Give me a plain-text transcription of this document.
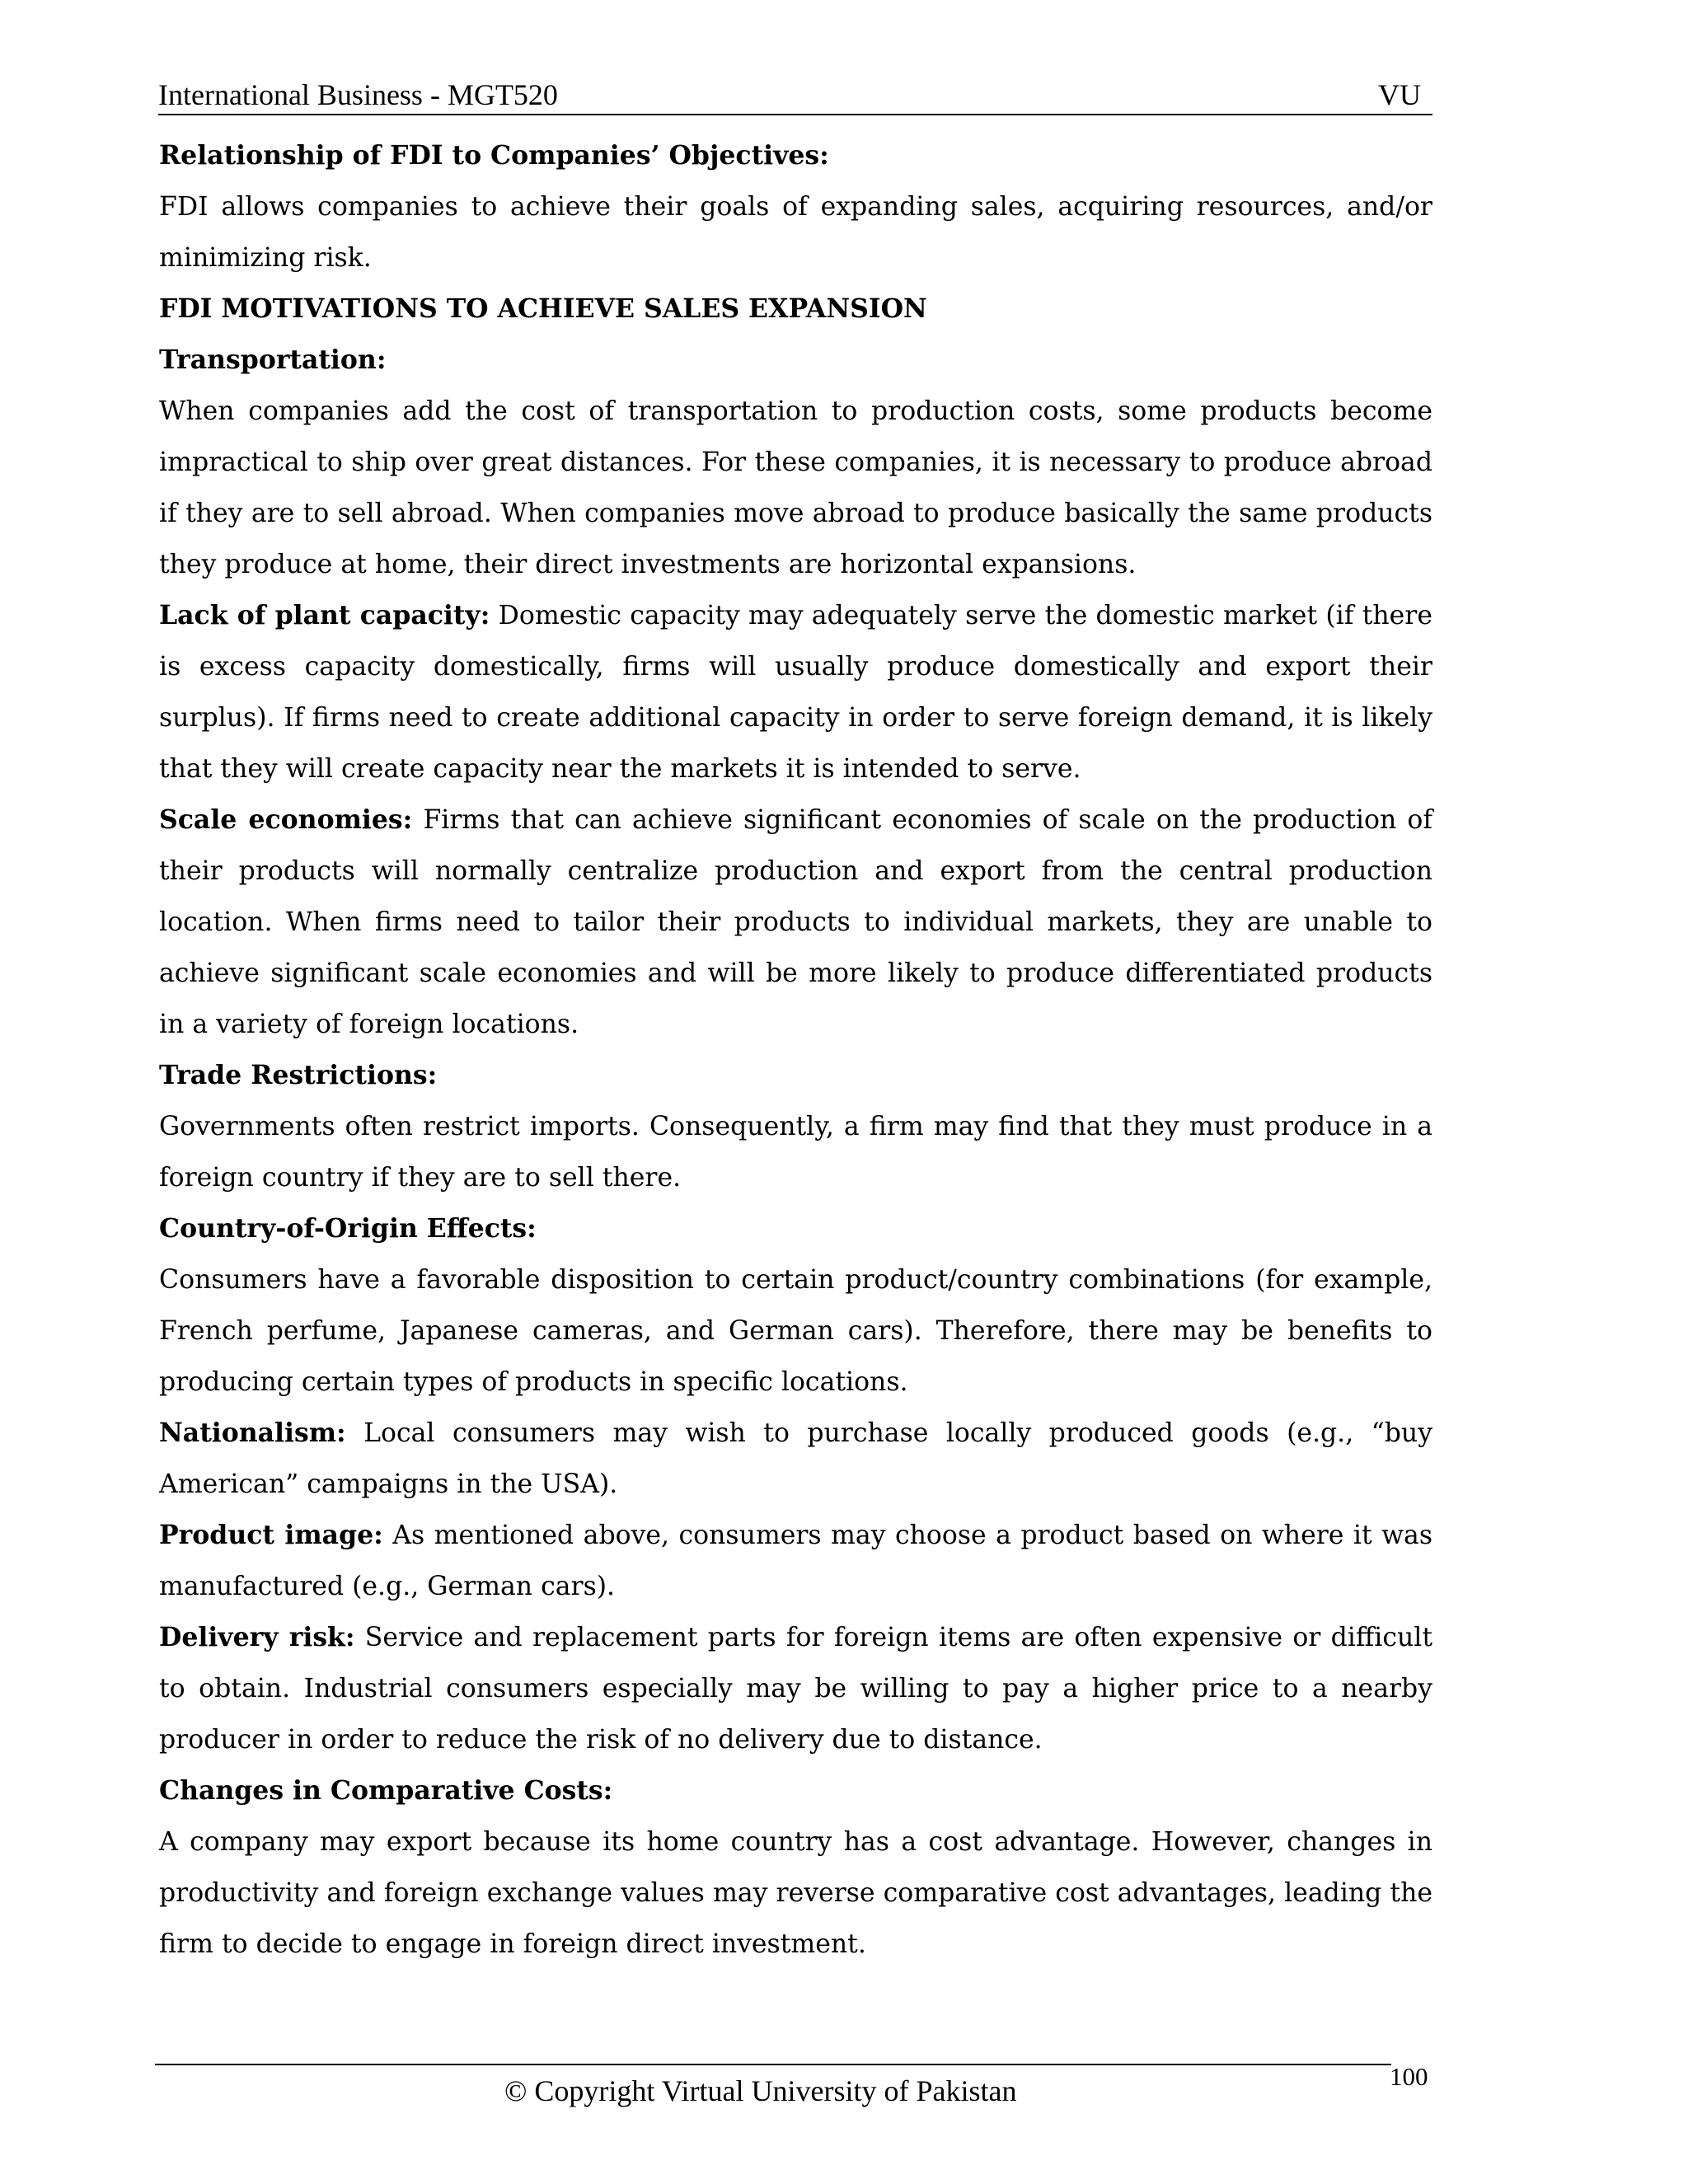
International Business - MGT520	VU

Relationship of FDI to Companies’ Objectives:

FDI allows companies to achieve their goals of expanding sales, acquiring resources, and/or minimizing risk.

FDI MOTIVATIONS TO ACHIEVE SALES EXPANSION

Transportation:

When companies add the cost of transportation to production costs, some products become impractical to ship over great distances. For these companies, it is necessary to produce abroad if they are to sell abroad. When companies move abroad to produce basically the same products they produce at home, their direct investments are horizontal expansions.

Lack of plant capacity: Domestic capacity may adequately serve the domestic market (if there is excess capacity domestically, firms will usually produce domestically and export their surplus). If firms need to create additional capacity in order to serve foreign demand, it is likely that they will create capacity near the markets it is intended to serve.

Scale economies: Firms that can achieve significant economies of scale on the production of their products will normally centralize production and export from the central production location. When firms need to tailor their products to individual markets, they are unable to achieve significant scale economies and will be more likely to produce differentiated products in a variety of foreign locations.

Trade Restrictions:

Governments often restrict imports. Consequently, a firm may find that they must produce in a foreign country if they are to sell there.

Country-of-Origin Effects:

Consumers have a favorable disposition to certain product/country combinations (for example, French perfume, Japanese cameras, and German cars). Therefore, there may be benefits to producing certain types of products in specific locations.

Nationalism: Local consumers may wish to purchase locally produced goods (e.g., “buy American” campaigns in the USA).

Product image: As mentioned above, consumers may choose a product based on where it was manufactured (e.g., German cars).

Delivery risk: Service and replacement parts for foreign items are often expensive or difficult to obtain. Industrial consumers especially may be willing to pay a higher price to a nearby producer in order to reduce the risk of no delivery due to distance.

Changes in Comparative Costs:

A company may export because its home country has a cost advantage. However, changes in productivity and foreign exchange values may reverse comparative cost advantages, leading the firm to decide to engage in foreign direct investment.

© Copyright Virtual University of Pakistan	100
